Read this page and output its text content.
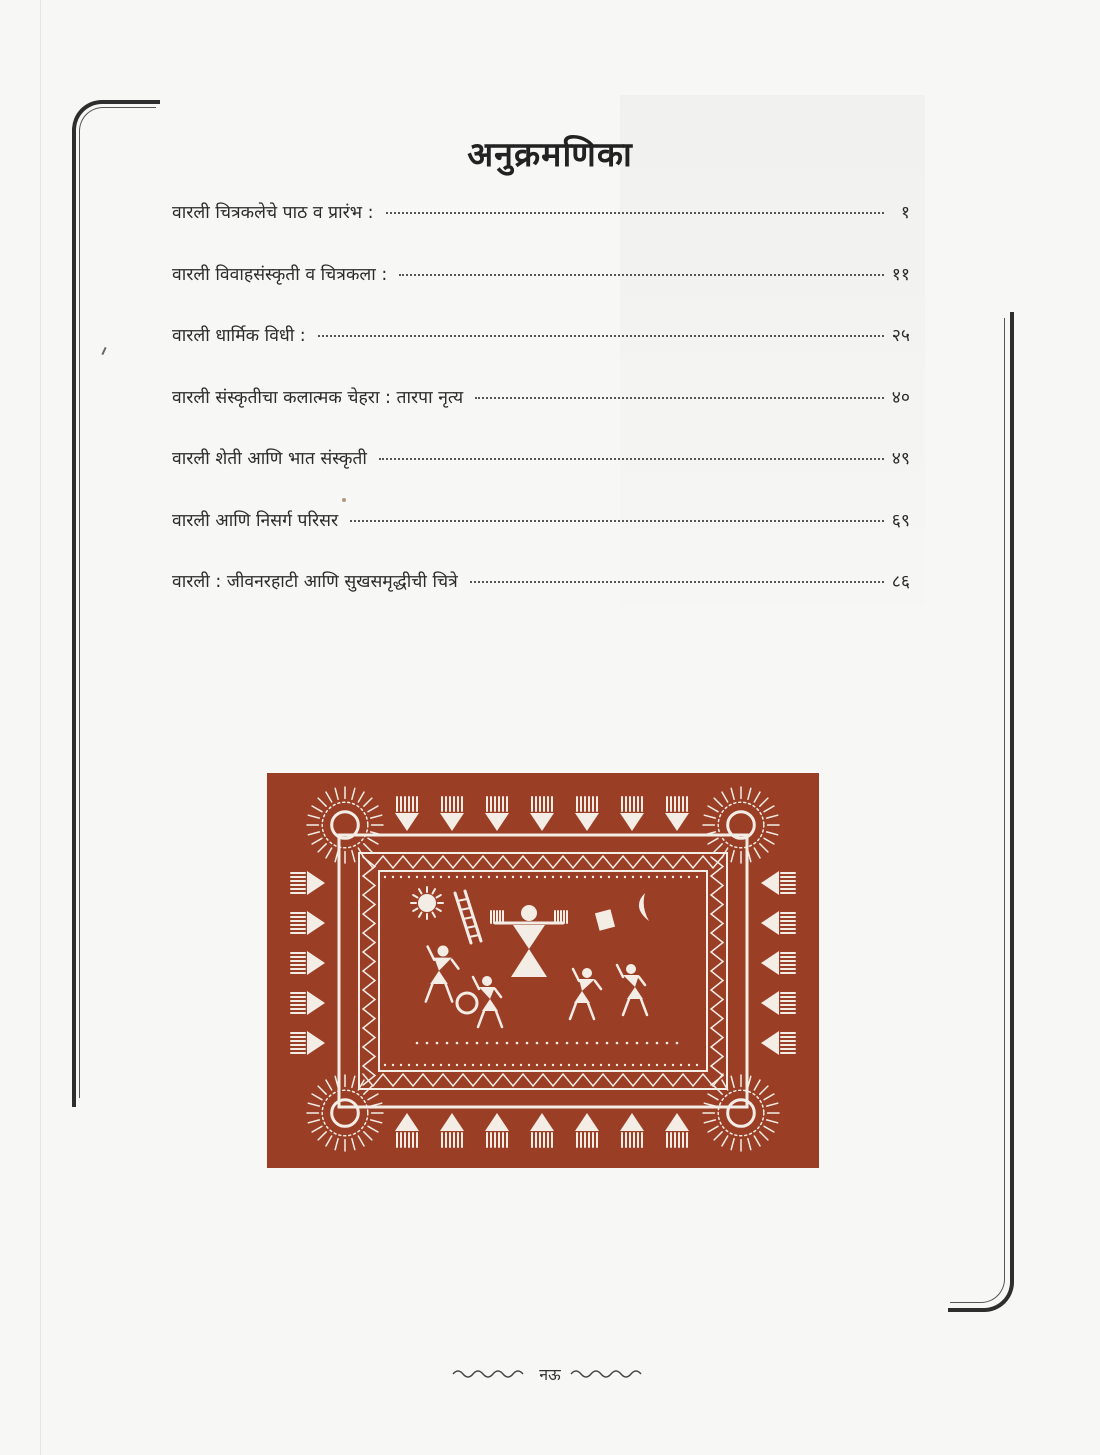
अनुक्रमणिका
वारली चित्रकलेचे पाठ व प्रारंभ :	१
वारली विवाहसंस्कृती व चित्रकला :	११
वारली धार्मिक विधी :	२५
वारली संस्कृतीचा कलात्मक चेहरा : तारपा नृत्य	४०
वारली शेती आणि भात संस्कृती	४९
वारली आणि निसर्ग परिसर	६९
वारली : जीवनरहाटी आणि सुखसमृद्धीची चित्रे	८६
नऊ
